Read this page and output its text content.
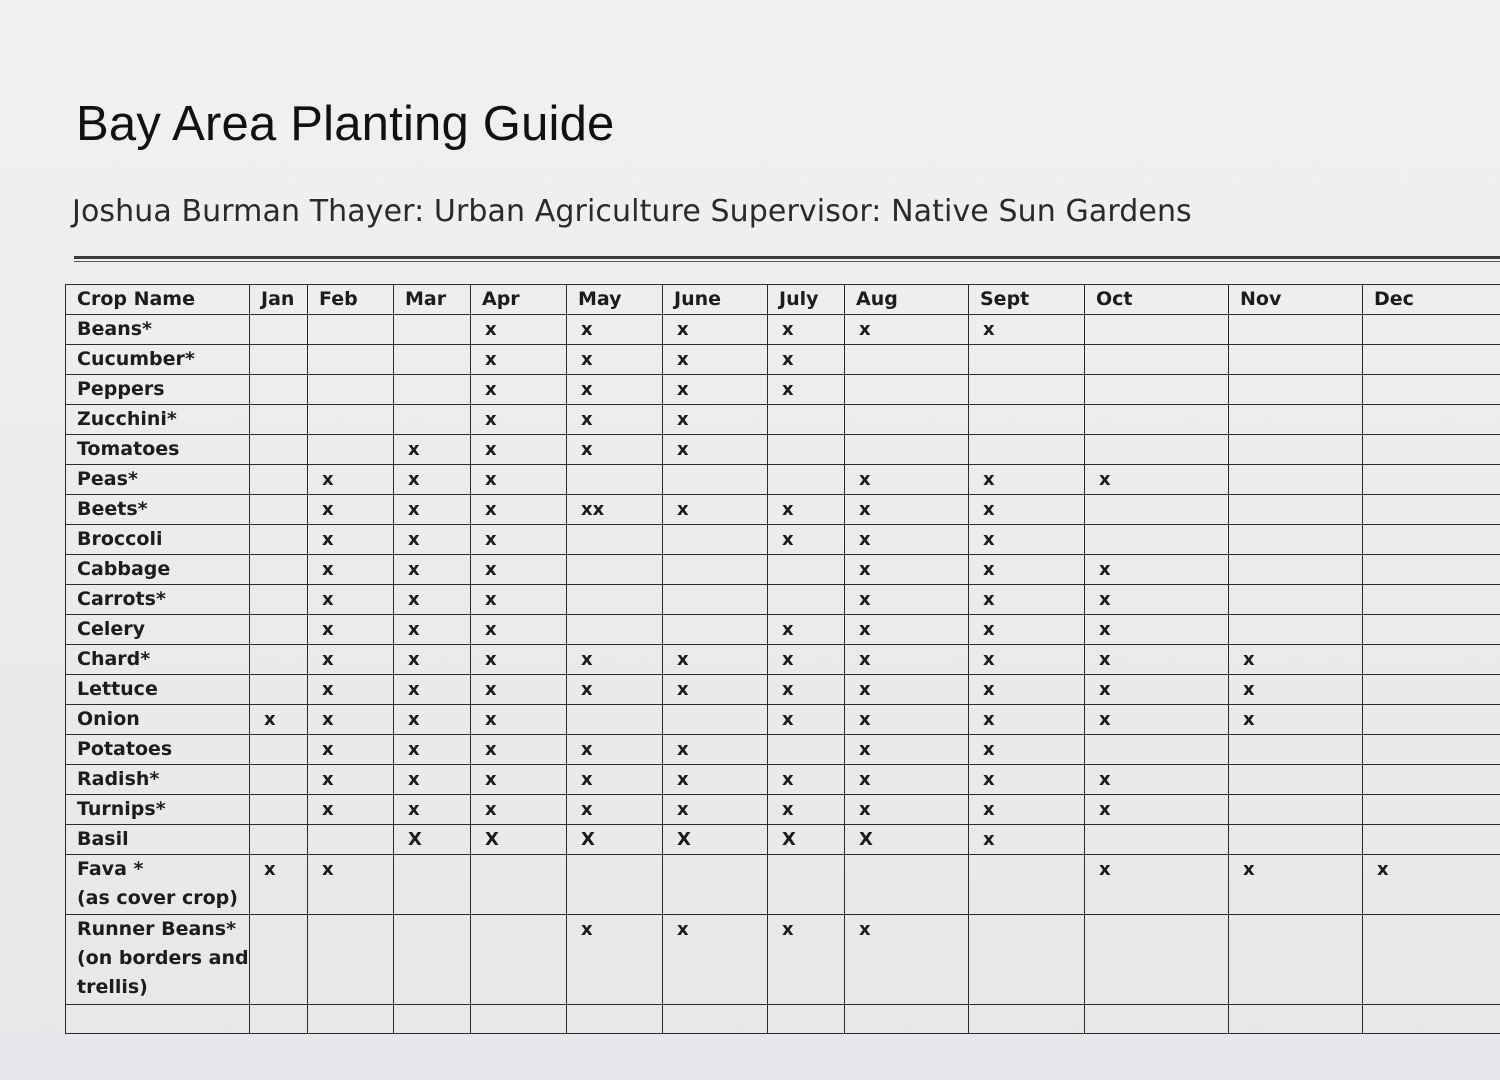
Bay Area Planting Guide
Joshua Burman Thayer: Urban Agriculture Supervisor: Native Sun Gardens
Crop Name	Jan	Feb	Mar	Apr	May	June	July	Aug	Sept	Oct	Nov	Dec
Beans*				x	x	x	x	x	x			
Cucumber*				x	x	x	x					
Peppers				x	x	x	x					
Zucchini*				x	x	x						
Tomatoes			x	x	x	x						
Peas*		x	x	x				x	x	x		
Beets*		x	x	x	xx	x	x	x	x			
Broccoli		x	x	x			x	x	x			
Cabbage		x	x	x				x	x	x		
Carrots*		x	x	x				x	x	x		
Celery		x	x	x			x	x	x	x		
Chard*		x	x	x	x	x	x	x	x	x	x	
Lettuce		x	x	x	x	x	x	x	x	x	x	
Onion	x	x	x	x			x	x	x	x	x	
Potatoes		x	x	x	x	x		x	x			
Radish*		x	x	x	x	x	x	x	x	x		
Turnips*		x	x	x	x	x	x	x	x	x		
Basil			X	X	X	X	X	X	x			
Fava *
(as cover crop)	x	x								x	x	x
Runner Beans*
(on borders and
trellis)					x	x	x	x				
